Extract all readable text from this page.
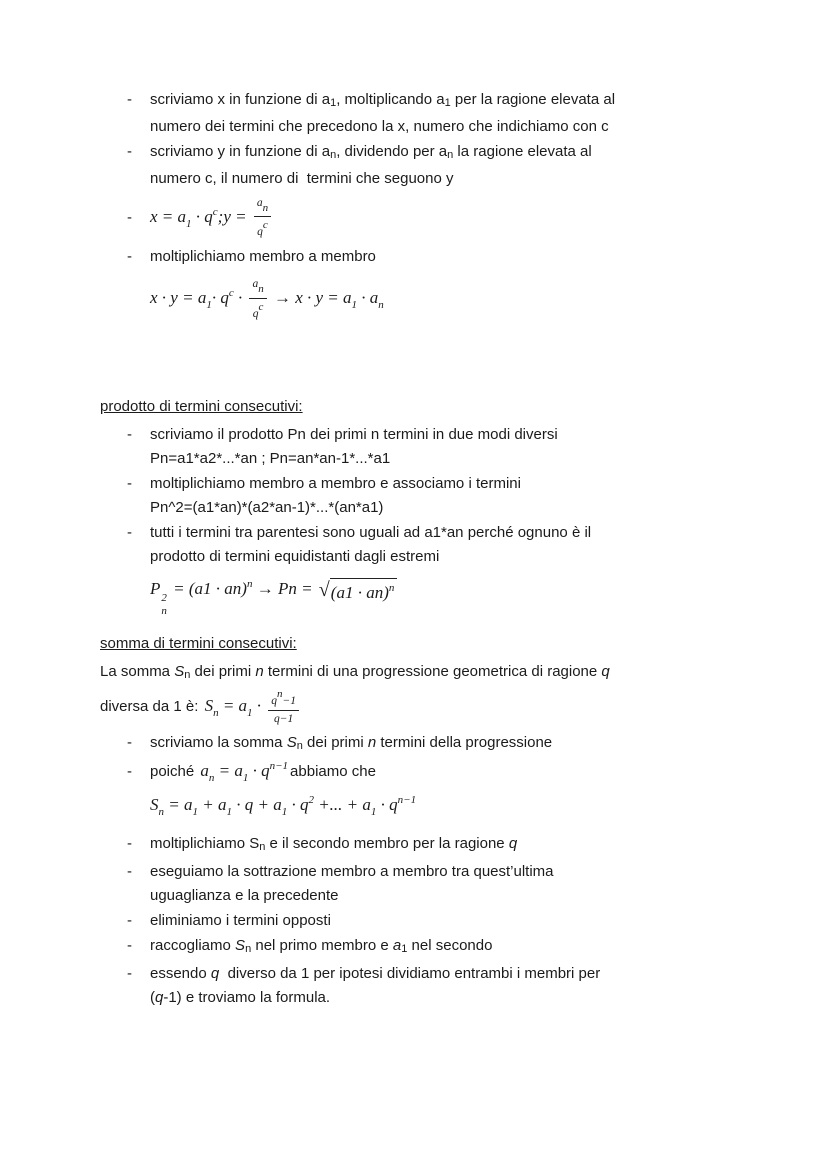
-	scriviamo x in funzione di a1, moltiplicando a1 per la ragione elevata al
numero dei termini che precedono la x, numero che indichiamo con c
-	scriviamo y in funzione di an, dividendo per an la ragione elevata al
numero c, il numero di  termini che seguono y
-	$x = a_1$ · $q^c;y = \frac{an}{qc}$
-	moltiplichiamo membro a membro
$x \cdot y = a_1\cdot q^c \cdot \frac{an}{qc} \to x \cdot y = a_1 \cdot a_n$
prodotto di termini consecutivi:
-	scriviamo il prodotto Pn dei primi n termini in due modi diversi
Pn=a1*a2*...*an ; Pn=an*an-1*...*a1
-	moltiplichiamo membro a membro e associamo i termini
Pn^2=(a1*an)*(a2*an-1)*...*(an*a1)
-	tutti i termini tra parentesi sono uguali ad a1*an perché ognuno è il
prodotto di termini equidistanti dagli estremi
P 2
n
= (a1 · an)$^n$ → Pn = √ (a1 · an)$^n$
somma di termini consecutivi:
La somma Sn dei primi n termini di una progressione geometrica di ragione q
diversa da 1 è: $S_n = a_1 \cdot \frac{qn-1}{q-1}$
-	scriviamo la somma Sn dei primi n termini della progressione
-	poiché $a_n = a_1 \cdot q^{n-1}$ abbiamo che
$S_n = a_1 + a_1 \cdot q + a_1 \cdot q^2$ +... + $a_1 \cdot q^{n-1}$
-	moltiplichiamo Sn e il secondo membro per la ragione q
-	eseguiamo la sottrazione membro a membro tra quest’ultima
uguaglianza e la precedente
-	eliminiamo i termini opposti
-	raccogliamo Sn nel primo membro e a1 nel secondo
-	essendo q  diverso da 1 per ipotesi dividiamo entrambi i membri per
(q-1) e troviamo la formula.
